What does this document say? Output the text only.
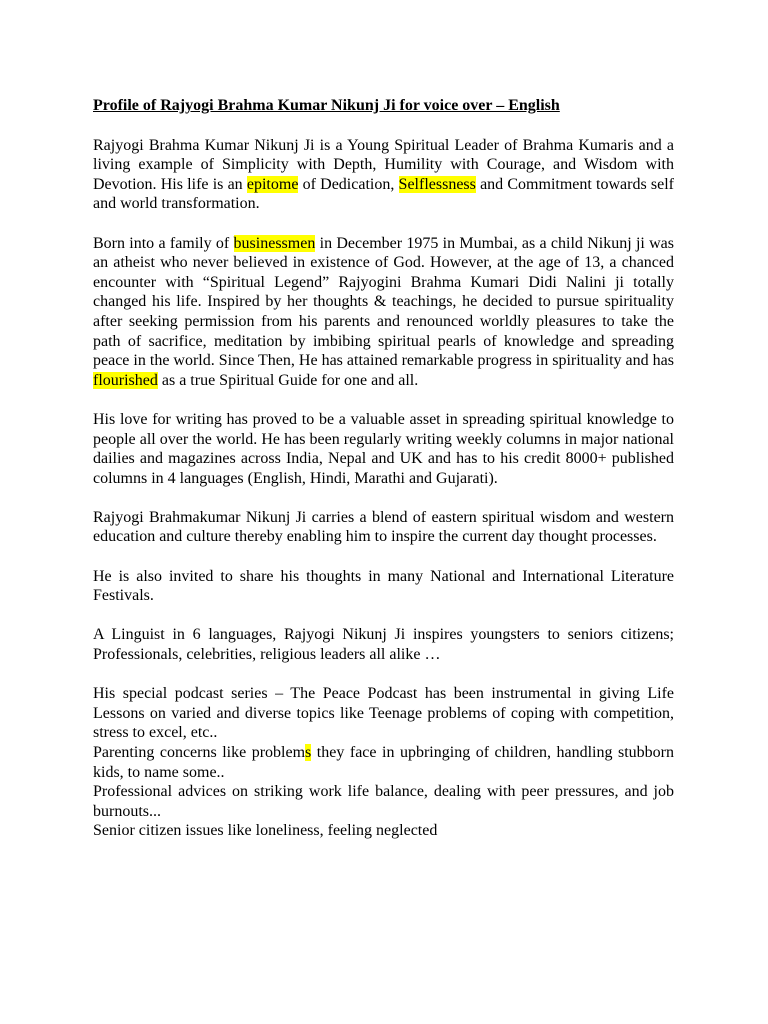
Profile of Rajyogi Brahma Kumar Nikunj Ji for voice over – English

Rajyogi Brahma Kumar Nikunj Ji is a Young Spiritual Leader of Brahma Kumaris and a living example of Simplicity with Depth, Humility with Courage, and Wisdom with Devotion. His life is an epitome of Dedication, Selflessness and Commitment towards self and world transformation.

Born into a family of businessmen in December 1975 in Mumbai, as a child Nikunj ji was an atheist who never believed in existence of God. However, at the age of 13, a chanced encounter with “Spiritual Legend” Rajyogini Brahma Kumari Didi Nalini ji totally changed his life. Inspired by her thoughts & teachings, he decided to pursue spirituality after seeking permission from his parents and renounced worldly pleasures to take the path of sacrifice, meditation by imbibing spiritual pearls of knowledge and spreading peace in the world. Since Then, He has attained remarkable progress in spirituality and has flourished as a true Spiritual Guide for one and all.

His love for writing has proved to be a valuable asset in spreading spiritual knowledge to people all over the world. He has been regularly writing weekly columns in major national dailies and magazines across India, Nepal and UK and has to his credit 8000+ published columns in 4 languages (English, Hindi, Marathi and Gujarati).

Rajyogi Brahmakumar Nikunj Ji carries a blend of eastern spiritual wisdom and western education and culture thereby enabling him to inspire the current day thought processes.

He is also invited to share his thoughts in many National and International Literature Festivals.

A Linguist in 6 languages, Rajyogi Nikunj Ji inspires youngsters to seniors citizens; Professionals, celebrities, religious leaders all alike …

His special podcast series – The Peace Podcast has been instrumental in giving Life Lessons on varied and diverse topics like Teenage problems of coping with competition, stress to excel, etc..

Parenting concerns like problems they face in upbringing of children, handling stubborn kids, to name some..

Professional advices on striking work life balance, dealing with peer pressures, and job burnouts...

Senior citizen issues like loneliness, feeling neglected
